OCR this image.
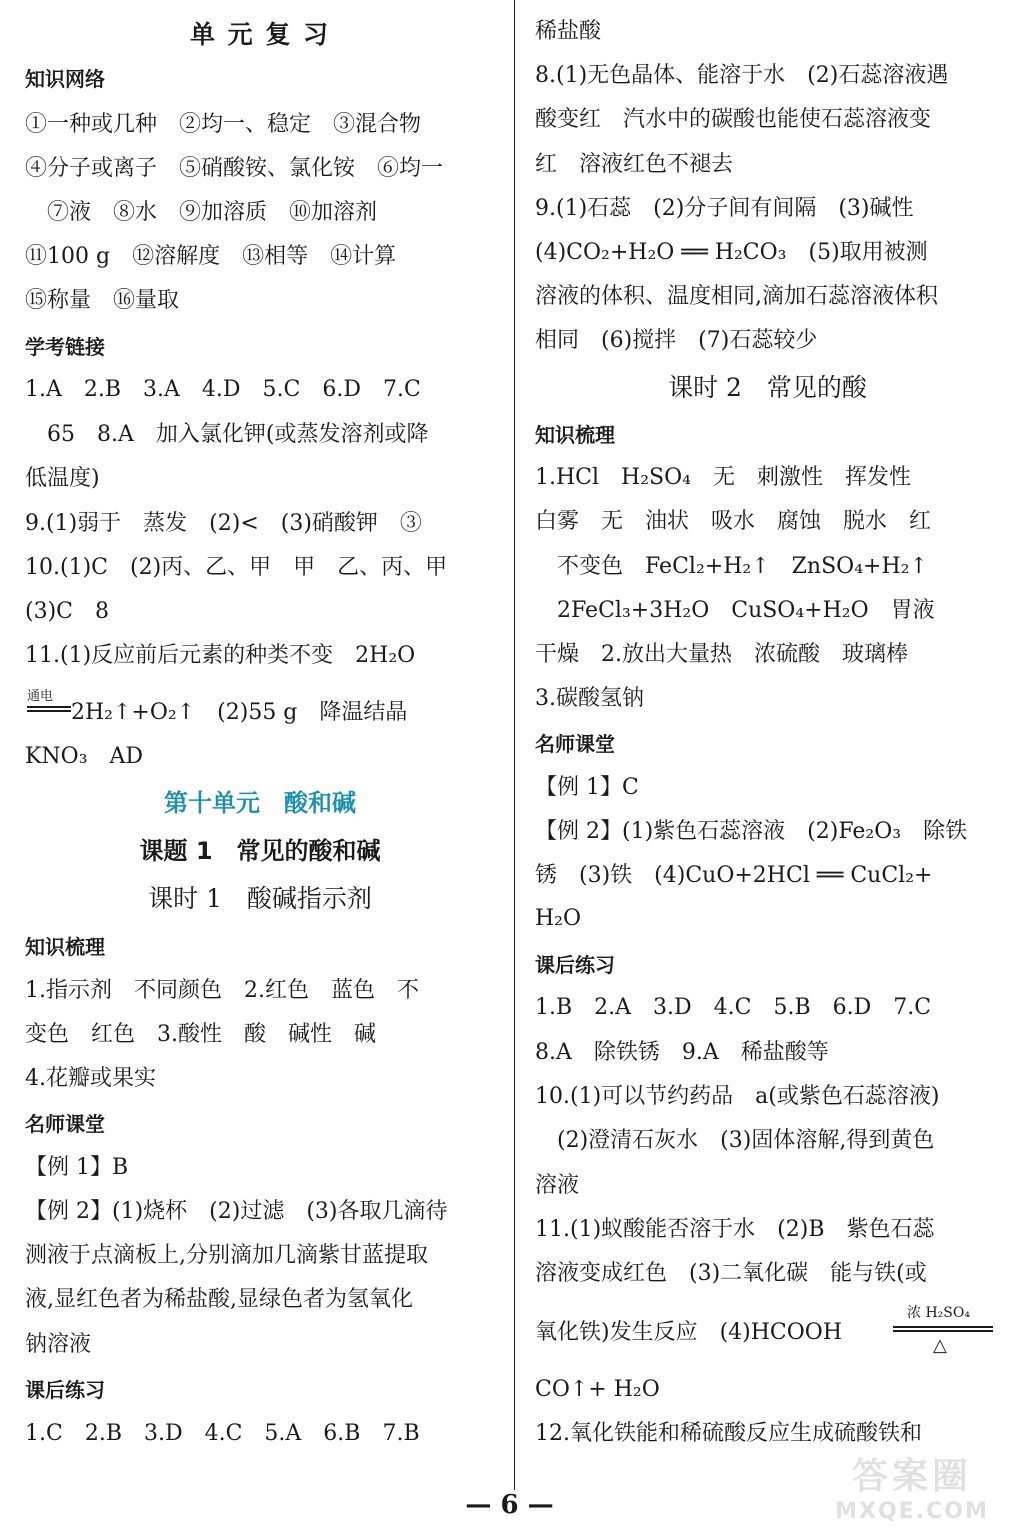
单 元 复 习
知识网络
①一种或几种　②均一、稳定　③混合物
④分子或离子　⑤硝酸铵、氯化铵　⑥均一
　⑦液　⑧水　⑨加溶质　⑩加溶剂
⑪100 g　⑫溶解度　⑬相等　⑭计算
⑮称量　⑯量取
学考链接
1.A　2.B　3.A　4.D　5.C　6.D　7.C
　65　8.A　加入氯化钾(或蒸发溶剂或降
低温度)
9.(1)弱于　蒸发　(2)<　(3)硝酸钾　③
10.(1)C　(2)丙、乙、甲　甲　乙、丙、甲
(3)C　8
11.(1)反应前后元素的种类不变　2H₂O
通电
2H₂↑+O₂↑　(2)55 g　降温结晶
KNO₃　AD
第十单元　酸和碱
课题 1　常见的酸和碱
课时 1　酸碱指示剂
知识梳理
1.指示剂　不同颜色　2.红色　蓝色　不
变色　红色　3.酸性　酸　碱性　碱
4.花瓣或果实
名师课堂
【例 1】B
【例 2】(1)烧杯　(2)过滤　(3)各取几滴待
测液于点滴板上,分别滴加几滴紫甘蓝提取
液,显红色者为稀盐酸,显绿色者为氢氧化
钠溶液
课后练习
1.C　2.B　3.D　4.C　5.A　6.B　7.B
稀盐酸
8.(1)无色晶体、能溶于水　(2)石蕊溶液遇
酸变红　汽水中的碳酸也能使石蕊溶液变
红　溶液红色不褪去
9.(1)石蕊　(2)分子间有间隔　(3)碱性
(4)CO₂+H₂O ══ H₂CO₃　(5)取用被测
溶液的体积、温度相同,滴加石蕊溶液体积
相同　(6)搅拌　(7)石蕊较少
课时 2　常见的酸
知识梳理
1.HCl　H₂SO₄　无　刺激性　挥发性
白雾　无　油状　吸水　腐蚀　脱水　红
　不变色　FeCl₂+H₂↑　ZnSO₄+H₂↑
　2FeCl₃+3H₂O　CuSO₄+H₂O　胃液
干燥　2.放出大量热　浓硫酸　玻璃棒
3.碳酸氢钠
名师课堂
【例 1】C
【例 2】(1)紫色石蕊溶液　(2)Fe₂O₃　除铁
锈　(3)铁　(4)CuO+2HCl ══ CuCl₂+
H₂O
课后练习
1.B　2.A　3.D　4.C　5.B　6.D　7.C
8.A　除铁锈　9.A　稀盐酸等
10.(1)可以节约药品　a(或紫色石蕊溶液)
　(2)澄清石灰水　(3)固体溶解,得到黄色
溶液
11.(1)蚁酸能否溶于水　(2)B　紫色石蕊
溶液变成红色　(3)二氧化碳　能与铁(或
氧化铁)发生反应　(4)HCOOH
浓 H₂SO₄
△
CO↑+ H₂O
12.氧化铁能和稀硫酸反应生成硫酸铁和
— 6 —
答案圈
MXQE.COM
